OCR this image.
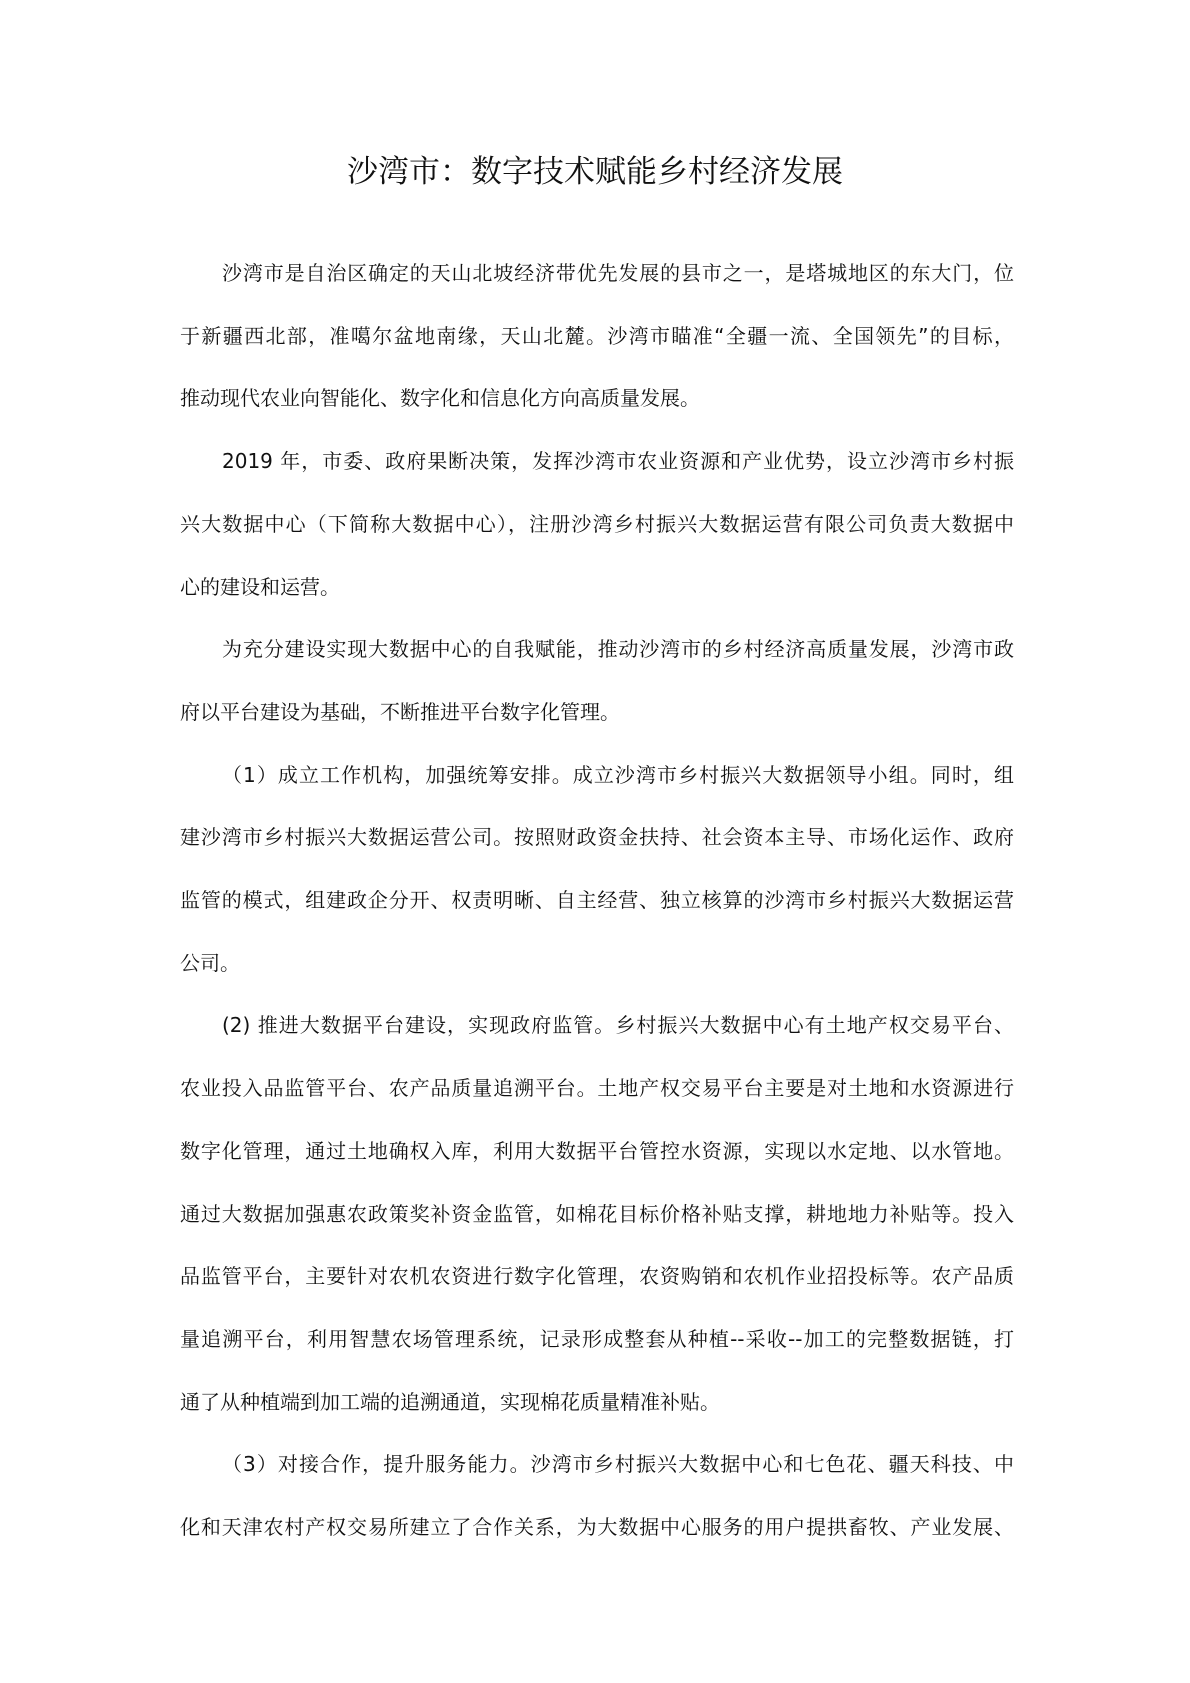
沙湾市：数字技术赋能乡村经济发展
沙湾市是自治区确定的天山北坡经济带优先发展的县市之一，是塔城地区的东大门，位
于新疆西北部，准噶尔盆地南缘，天山北麓。沙湾市瞄准“全疆一流、全国领先”的目标，
推动现代农业向智能化、数字化和信息化方向高质量发展。
2019 年，市委、政府果断决策，发挥沙湾市农业资源和产业优势，设立沙湾市乡村振
兴大数据中心（下简称大数据中心），注册沙湾乡村振兴大数据运营有限公司负责大数据中
心的建设和运营。
为充分建设实现大数据中心的自我赋能，推动沙湾市的乡村经济高质量发展，沙湾市政
府以平台建设为基础，不断推进平台数字化管理。
（1）成立工作机构，加强统筹安排。成立沙湾市乡村振兴大数据领导小组。同时，组
建沙湾市乡村振兴大数据运营公司。按照财政资金扶持、社会资本主导、市场化运作、政府
监管的模式，组建政企分开、权责明晰、自主经营、独立核算的沙湾市乡村振兴大数据运营
公司。
(2) 推进大数据平台建设，实现政府监管。乡村振兴大数据中心有土地产权交易平台、
农业投入品监管平台、农产品质量追溯平台。土地产权交易平台主要是对土地和水资源进行
数字化管理，通过土地确权入库，利用大数据平台管控水资源，实现以水定地、以水管地。
通过大数据加强惠农政策奖补资金监管，如棉花目标价格补贴支撑，耕地地力补贴等。投入
品监管平台，主要针对农机农资进行数字化管理，农资购销和农机作业招投标等。农产品质
量追溯平台，利用智慧农场管理系统，记录形成整套从种植--采收--加工的完整数据链，打
通了从种植端到加工端的追溯通道，实现棉花质量精准补贴。
（3）对接合作，提升服务能力。沙湾市乡村振兴大数据中心和七色花、疆天科技、中
化和天津农村产权交易所建立了合作关系，为大数据中心服务的用户提拱畜牧、产业发展、
